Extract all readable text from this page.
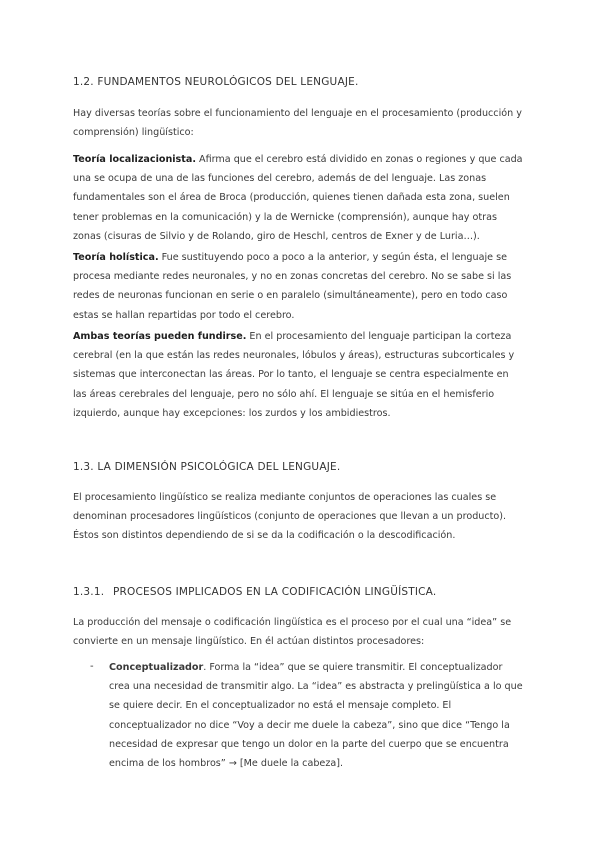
1.2. FUNDAMENTOS NEUROLÓGICOS DEL LENGUAJE.

Hay diversas teorías sobre el funcionamiento del lenguaje en el procesamiento (producción y comprensión) lingüístico:

Teoría localizacionista. Afirma que el cerebro está dividido en zonas o regiones y que cada una se ocupa de una de las funciones del cerebro, además de del lenguaje. Las zonas fundamentales son el área de Broca (producción, quienes tienen dañada esta zona, suelen tener problemas en la comunicación) y la de Wernicke (comprensión), aunque hay otras zonas (cisuras de Silvio y de Rolando, giro de Heschl, centros de Exner y de Luria…).

Teoría holística. Fue sustituyendo poco a poco a la anterior, y según ésta, el lenguaje se procesa mediante redes neuronales, y no en zonas concretas del cerebro. No se sabe si las redes de neuronas funcionan en serie o en paralelo (simultáneamente), pero en todo caso estas se hallan repartidas por todo el cerebro.

Ambas teorías pueden fundirse. En el procesamiento del lenguaje participan la corteza cerebral (en la que están las redes neuronales, lóbulos y áreas), estructuras subcorticales y sistemas que interconectan las áreas. Por lo tanto, el lenguaje se centra especialmente en las áreas cerebrales del lenguaje, pero no sólo ahí. El lenguaje se sitúa en el hemisferio izquierdo, aunque hay excepciones: los zurdos y los ambidiestros.

1.3. LA DIMENSIÓN PSICOLÓGICA DEL LENGUAJE.

El procesamiento lingüístico se realiza mediante conjuntos de operaciones las cuales se denominan procesadores lingüísticos (conjunto de operaciones que llevan a un producto). Éstos son distintos dependiendo de si se da la codificación o la descodificación.

1.3.1. PROCESOS IMPLICADOS EN LA CODIFICACIÓN LINGÜÍSTICA.

La producción del mensaje o codificación lingüística es el proceso por el cual una “idea” se convierte en un mensaje lingüístico. En él actúan distintos procesadores:

- Conceptualizador. Forma la “idea” que se quiere transmitir. El conceptualizador crea una necesidad de transmitir algo. La “idea” es abstracta y prelingüística a lo que se quiere decir. En el conceptualizador no está el mensaje completo. El conceptualizador no dice “Voy a decir me duele la cabeza”, sino que dice “Tengo la necesidad de expresar que tengo un dolor en la parte del cuerpo que se encuentra encima de los hombros” → [Me duele la cabeza].
